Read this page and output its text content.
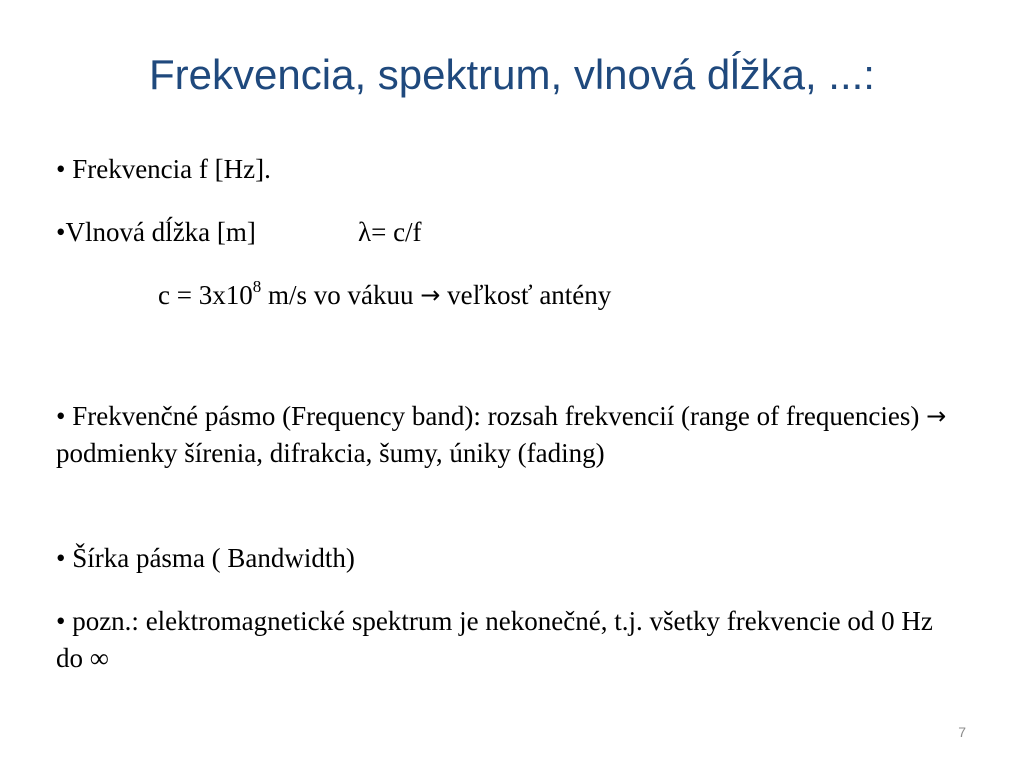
Frekvencia, spektrum, vlnová dĺžka, ...:
• Frekvencia f [Hz].
•Vlnová dĺžka [m]	λ= c/f
$c = 3x10^8$ m/s vo vákuu → veľkosť antény
• Frekvenčné pásmo (Frequency band): rozsah frekvencií (range of frequencies) → podmienky šírenia, difrakcia, šumy, úniky (fading)
• Šírka pásma ( Bandwidth)
• pozn.: elektromagnetické spektrum je nekonečné, t.j. všetky frekvencie od 0 Hz do ∞
7
